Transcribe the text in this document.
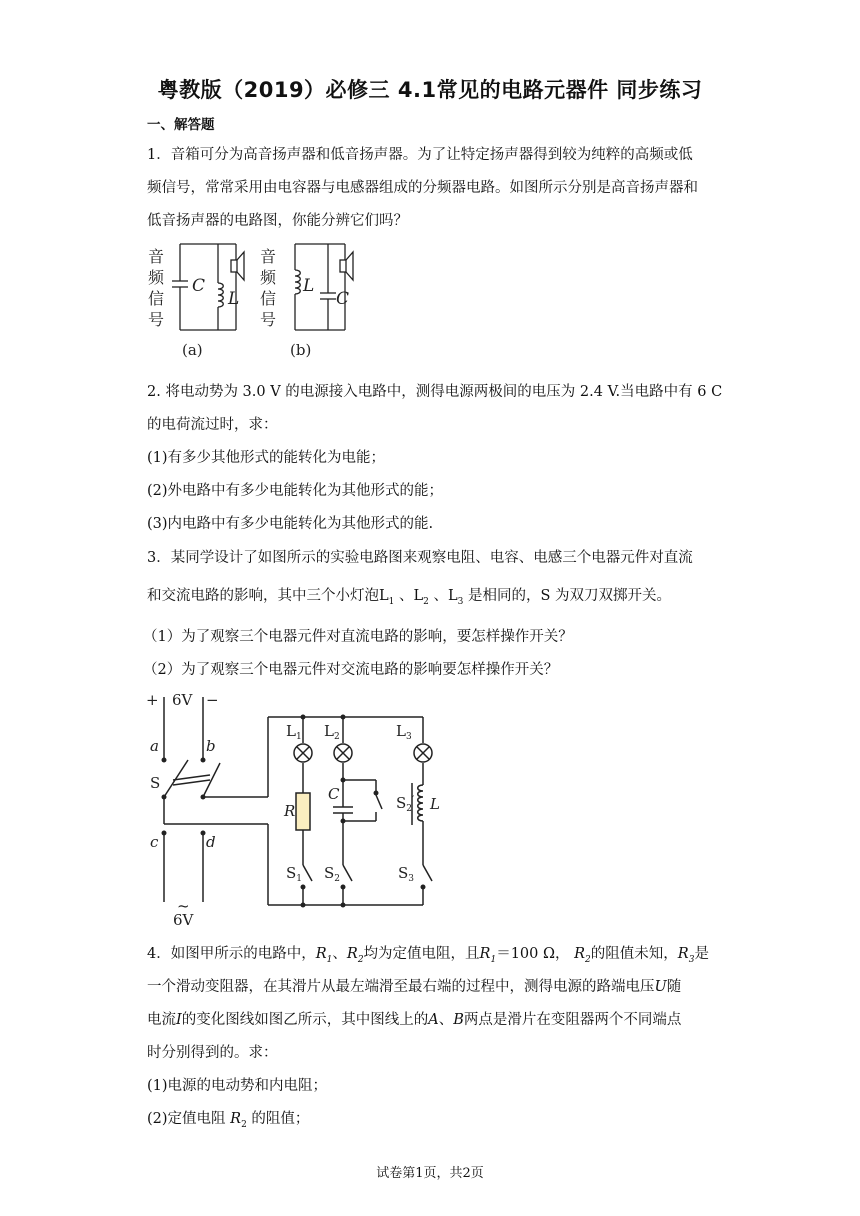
粤教版（2019）必修三 4.1常见的电路元器件 同步练习
一、解答题
1．音箱可分为高音扬声器和低音扬声器。为了让特定扬声器得到较为纯粹的高频或低
频信号，常常采用由电容器与电感器组成的分频器电路。如图所示分别是高音扬声器和
低音扬声器的电路图，你能分辨它们吗？
音
频
信
号
C
L
(a)
音
频
信
号
L
C
(b)
2. 将电动势为 3.0 V 的电源接入电路中，测得电源两极间的电压为 2.4 V.当电路中有 6 C
的电荷流过时，求：
(1)有多少其他形式的能转化为电能；
(2)外电路中有多少电能转化为其他形式的能；
(3)内电路中有多少电能转化为其他形式的能.
3．某同学设计了如图所示的实验电路图来观察电阻、电容、电感三个电器元件对直流
和交流电路的影响，其中三个小灯泡$L_1$ 、$L_2$ 、$L_3$ 是相同的，S 为双刀双掷开关。
（1）为了观察三个电器元件对直流电路的影响，要怎样操作开关？
（2）为了观察三个电器元件对交流电路的影响要怎样操作开关？
+ 6V −
a	b
S
c	d
~
6V
$L_1$ $L_2$	$L_3$
R
C
L
$S_2'$
$S_1$ $S_2$	$S_3$
4．如图甲所示的电路中，$R_1$、$R_2$均为定值电阻，且$R_1=100$ Ω， $R_2$的阻值未知，$R_3$是
一个滑动变阻器，在其滑片从最左端滑至最右端的过程中，测得电源的路端电压U随
电流I的变化图线如图乙所示，其中图线上的A、B两点是滑片在变阻器两个不同端点
时分别得到的。求：
(1)电源的电动势和内电阻；
(2)定值电阻 $R_2$ 的阻值；
试卷第1页，共2页
